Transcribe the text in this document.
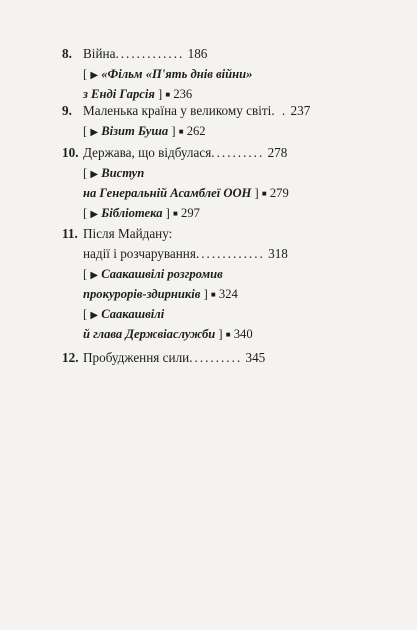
8. Війна............. 186
[ ▶ «Фільм «П'ять днів війни»
з Енді Гарсія ] ■ 236
9. Маленька країна у великому світі. . 237
[ ▶ Візит Буша ] ■ 262
10. Держава, що відбулася.......... 278
[ ▶ Виступ
на Генеральній Асамблеї ООН ] ■ 279
[ ▶ Бібліотека ] ■ 297
11. Після Майдану:
надії і розчарування............. 318
[ ▶ Саакашвілі розгромив
прокурорів-здирників ] ■ 324
[ ▶ Саакашвілі
й глава Держвіаслужби ] ■ 340
12. Пробудження сили.......... 345
